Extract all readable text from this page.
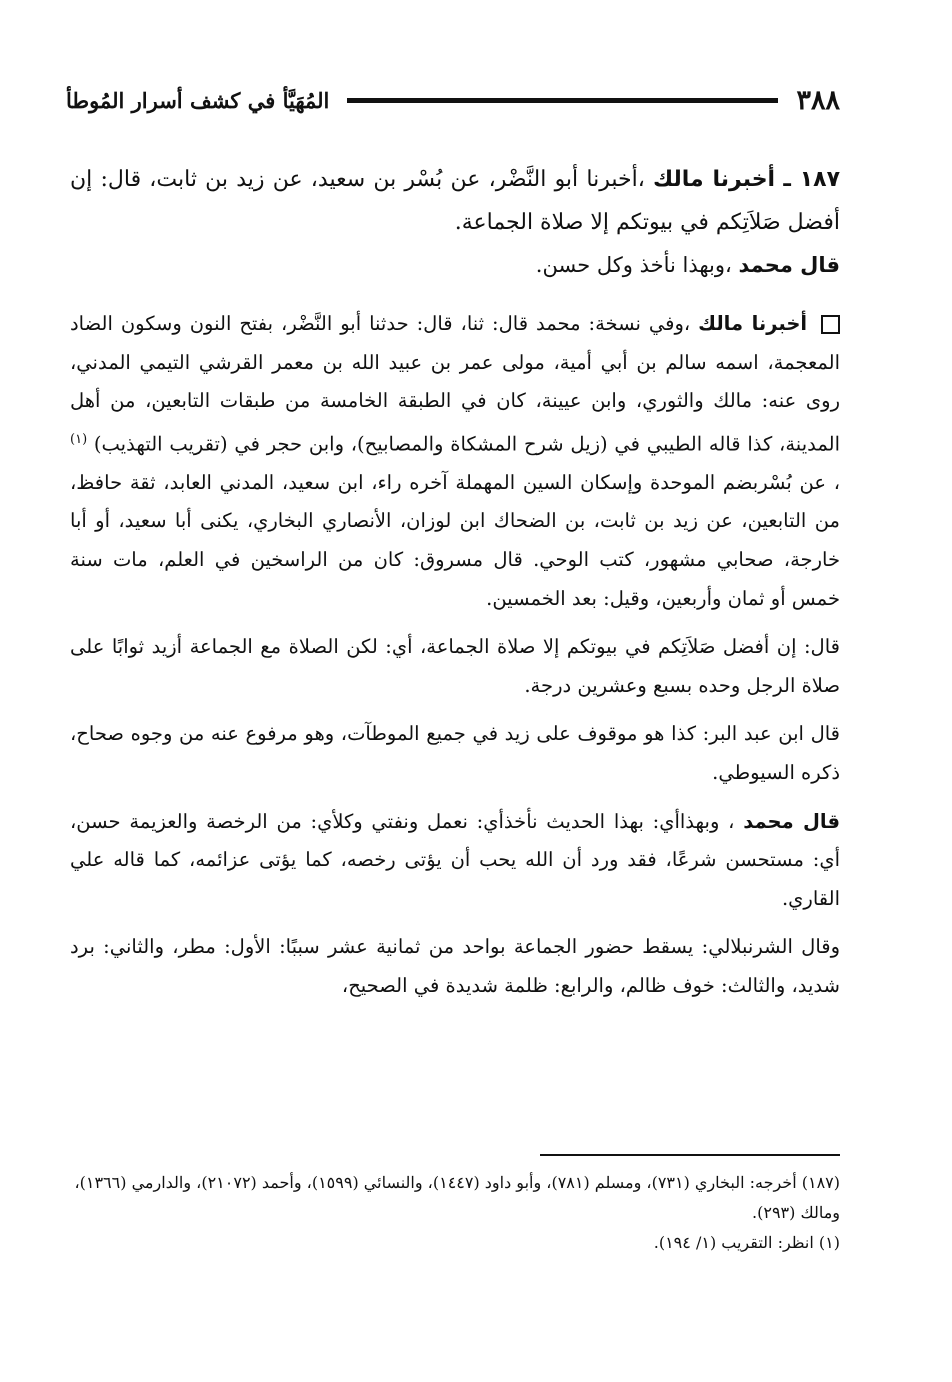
٣٨٨
المُهَيَّأ في كشف أسرار المُوطأ

١٨٧ ـ أخبرنا مالك ،أخبرنا أبو النَّضْر، عن بُسْر بن سعيد، عن زيد بن ثابت، قال: إن أفضل صَلاَتِكم في بيوتكم إلا صلاة الجماعة.

قال محمد ،وبهذا نأخذ وكل حسن.

أخبرنا مالك ،وفي نسخة: محمد قال: ثنا، قال: حدثنا أبو النَّضْر، بفتح النون وسكون الضاد المعجمة، اسمه سالم بن أبي أمية، مولى عمر بن عبيد الله بن معمر القرشي التيمي المدني، روى عنه: مالك والثوري، وابن عيينة، كان في الطبقة الخامسة من طبقات التابعين، من أهل المدينة، كذا قاله الطيبي في (زيل شرح المشكاة والمصابيح)، وابن حجر في (تقريب التهذيب) $^{(١)}$ ، عن بُسْربضم الموحدة وإسكان السين المهملة آخره راء، ابن سعيد، المدني العابد، ثقة حافظ، من التابعين، عن زيد بن ثابت، بن الضحاك ابن لوزان، الأنصاري البخاري، يكنى أبا سعيد، أو أبا خارجة، صحابي مشهور، كتب الوحي. قال مسروق: كان من الراسخين في العلم، مات سنة خمس أو ثمان وأربعين، وقيل: بعد الخمسين.

قال: إن أفضل صَلاَتِكم في بيوتكم إلا صلاة الجماعة، أي: لكن الصلاة مع الجماعة أزيد ثوابًا على صلاة الرجل وحده بسبع وعشرين درجة.

قال ابن عبد البر: كذا هو موقوف على زيد في جميع الموطآت، وهو مرفوع عنه من وجوه صحاح، ذكره السيوطي.

قال محمد ، وبهذاأي: بهذا الحديث نأخذأي: نعمل ونفتي وكلأي: من الرخصة والعزيمة حسن، أي: مستحسن شرعًا، فقد ورد أن الله يحب أن يؤتى رخصه، كما يؤتى عزائمه، كما قاله علي القاري.

وقال الشرنبلالي: يسقط حضور الجماعة بواحد من ثمانية عشر سببًا: الأول: مطر، والثاني: برد شديد، والثالث: خوف ظالم، والرابع: ظلمة شديدة في الصحيح،

(١٨٧) أخرجه: البخاري (٧٣١)، ومسلم (٧٨١)، وأبو داود (١٤٤٧)، والنسائي (١٥٩٩)، وأحمد (٢١٠٧٢)، والدارمي (١٣٦٦)، ومالك (٢٩٣).

(١) انظر: التقريب (١/ ١٩٤).
